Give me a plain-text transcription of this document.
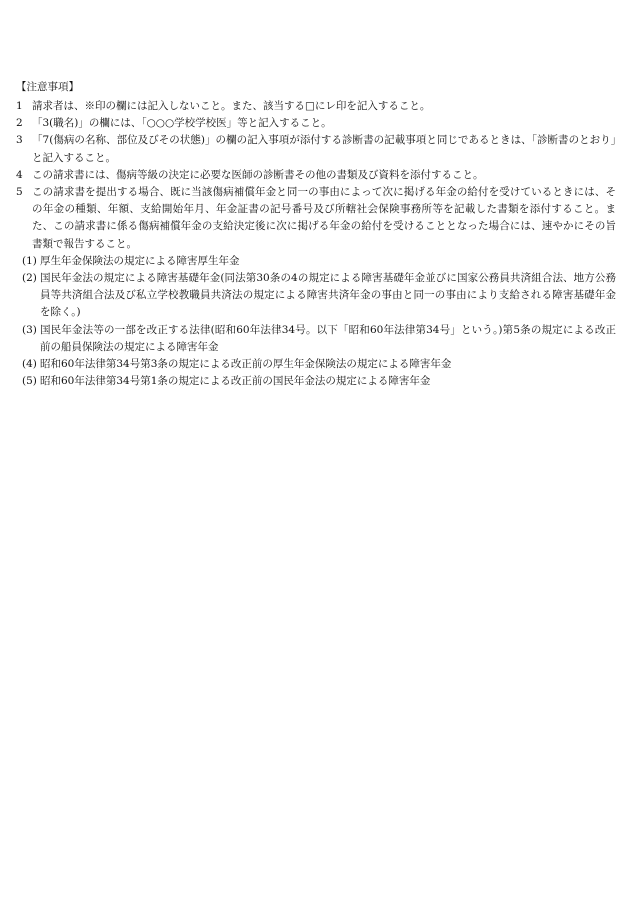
【注意事項】
1 請求者は、※印の欄には記入しないこと。また、該当する□にレ印を記入すること。
2 「3(職名)」の欄には、「○○○学校学校医」等と記入すること。
3 「7(傷病の名称、部位及びその状態)」の欄の記入事項が添付する診断書の記載事項と同じであるときは、「診断書のとおり」と記入すること。
4 この請求書には、傷病等級の決定に必要な医師の診断書その他の書類及び資料を添付すること。
5 この請求書を提出する場合、既に当該傷病補償年金と同一の事由によって次に掲げる年金の給付を受けているときには、その年金の種類、年額、支給開始年月、年金証書の記号番号及び所轄社会保険事務所等を記載した書類を添付すること。また、この請求書に係る傷病補償年金の支給決定後に次に掲げる年金の給付を受けることとなった場合には、速やかにその旨書類で報告すること。
(1) 厚生年金保険法の規定による障害厚生年金
(2) 国民年金法の規定による障害基礎年金(同法第30条の4の規定による障害基礎年金並びに国家公務員共済組合法、地方公務員等共済組合法及び私立学校教職員共済法の規定による障害共済年金の事由と同一の事由により支給される障害基礎年金を除く。)
(3) 国民年金法等の一部を改正する法律(昭和60年法律34号。以下「昭和60年法律第34号」という。)第5条の規定による改正前の船員保険法の規定による障害年金
(4) 昭和60年法律第34号第3条の規定による改正前の厚生年金保険法の規定による障害年金
(5) 昭和60年法律第34号第1条の規定による改正前の国民年金法の規定による障害年金
